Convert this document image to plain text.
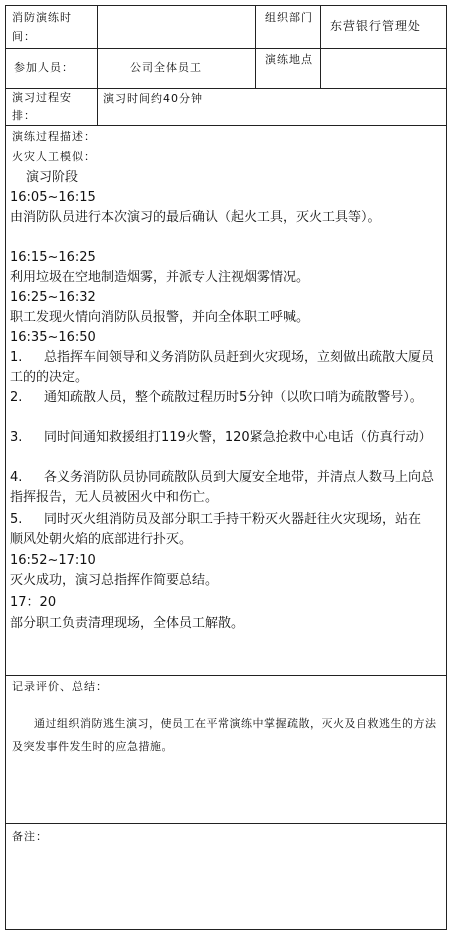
消防演练时间：
组织部门
东营银行管理处
参加人员：	公司全体员工
演练地点
演习过程安排：
演习时间约40分钟
演练过程描述：
火灾人工模似：
演习阶段
16:05~16:15
由消防队员进行本次演习的最后确认（起火工具，灭火工具等）。
16:15~16:25
利用垃圾在空地制造烟雾，并派专人注视烟雾情况。
16:25~16:32
职工发现火情向消防队员报警，并向全体职工呼喊。
16:35~16:50
1. 总指挥车间领导和义务消防队员赶到火灾现场，立刻做出疏散大厦员工的的决定。
2. 通知疏散人员，整个疏散过程历时5分钟（以吹口哨为疏散警号）。
3. 同时间通知救援组打119火警，120紧急抢救中心电话（仿真行动）
4. 各义务消防队员协同疏散队员到大厦安全地带，并清点人数马上向总指挥报告，无人员被困火中和伤亡。
5. 同时灭火组消防员及部分职工手持干粉灭火器赶往火灾现场，站在顺风处朝火焰的底部进行扑灭。
16:52~17:10
灭火成功，演习总指挥作简要总结。
17：20
部分职工负责清理现场，全体员工解散。
记录评价、总结：
通过组织消防逃生演习，使员工在平常演练中掌握疏散，灭火及自救逃生的方法及突发事件发生时的应急措施。
备注：
